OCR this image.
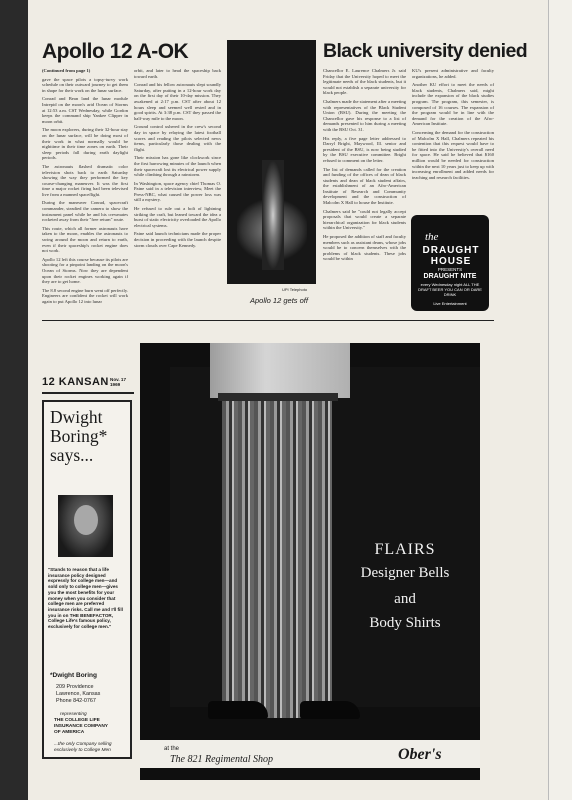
Apollo 12 A-OK

(Continued from page 1)

gave the space pilots a topsy-turvy work schedule on their outward journey to get them in shape for their work on the lunar surface.

Conrad and Bean land the lunar module Intrepid on the moon's arid Ocean of Storms at 12:53 a.m. CST Wednesday, while Gordon keeps the command ship Yankee Clipper in moon orbit.

The moon explorers, during their 32-hour stay on the lunar surface, will be doing most of their work in what normally would be nighttime in their time zones on earth. Their sleep periods fall during earth daylight periods.

The astronauts flashed dramatic color television shots back to earth Saturday showing the way they performed the key course-changing maneuver. It was the first time a major rocket firing had been televised live from a manned spaceflight.

During the maneuver Conrad, spacecraft commander, steadied the camera to show the instrument panel while he and his crewmates rocketed away from their "free return" route.

This route, which all former astronauts have taken to the moon, enables the astronauts to swing around the moon and return to earth, even if their spaceship's rocket engine does not work.

Apollo 12 left this course because its pilots are shooting for a pinpoint landing on the moon's Ocean of Storms. Now they are dependent upon their rocket engines working again if they are to get home.

The 8.8 second engine burn went off perfectly. Engineers are confident the rocket will work again to put Apollo 12 into lunar

orbit, and later to head the spaceship back toward earth.

Conrad and his fellow astronauts slept soundly Saturday, after putting in a 12-hour work day on the first day of their 10-day mission. They awakened at 2:17 p.m. CST after about 12 hours sleep and seemed well rested and in good spirits. At 3:38 p.m. CST they passed the half-way mile to the moon.

Ground control ushered in the crew's second day in space by relaying the latest football scores and reading the pilots selected news items, particularly those dealing with the flight.

Their mission has gone like clockwork since the first harrowing minutes of the launch when their spacecraft lost its electrical power supply while climbing through a rainstorm.

In Washington, space agency chief Thomas O. Paine said in a television interview, Meet the Press-NBC, what caused the power loss was still a mystery.

He refused to rule out a bolt of lightning striking the craft, but leaned toward the idea a burst of static electricity overloaded the Apollo electrical systems.

Paine said launch technicians made the proper decision in proceeding with the launch despite storm clouds over Cape Kennedy.

UPI Telephoto
Apollo 12 gets off
Black university denied

Chancellor E. Laurence Chalmers Jr. said Friday that the University hoped to meet the legitimate needs of the black students, but it would not establish a separate university for black people.

Chalmers made the statement after a meeting with representatives of the Black Student Union (BSU). During the meeting the Chancellor gave his response to a list of demands presented to him during a meeting with the BSU Oct. 31.

His reply, a five page letter addressed to Darryl Bright, Maywood, Ill. senior and president of the BSU, is now being studied by the BSU executive committee. Bright refused to comment on the letter.

The list of demands called for the creation and funding of the offices of dean of black students and dean of black student affairs, the establishment of an Afro-American Institute of Research and Community development and the construction of Malcolm X Hall to house the Institute.

Chalmers said he "could not legally accept proposals that would create a separate hierarchical organization for black students within the University."

He proposed the addition of staff and faculty members such as assistant deans, whose jobs would be to concern themselves with the problems of black students. These jobs would be within

KU's present administrative and faculty organizations, he added.

Another KU effort to meet the needs of black students, Chalmers said, might include the expansion of the black studies program. The program, this semester, is composed of 16 courses. The expansion of the program would be in line with the demand for the creation of the Afro-American Institute.

Concerning the demand for the construction of Malcolm X Hall, Chalmers repeated his contention that this request would have to be fitted into the University's overall need for space. He said he believed that $160 million would be needed for construction within the next 10 years just to keep up with increasing enrollment and added needs for teaching and research facilities.

the
DRAUGHT HOUSE
PRESENTS
DRAUGHT NITE
every Wednesday night ALL THE DRAFT BEER YOU CAN OR DARE DRINK
Live Entertainment
12 KANSAN Nov. 17
1969
Dwight
Boring*
says...
"Stands to reason that a life insurance policy designed expressly for college men—and sold only to college men—gives you the most benefits for your money when you consider that college men are preferred insurance risks. Call me and I'll fill you in on THE BENEFACTOR, College Life's famous policy, exclusively for college men."
*Dwight Boring
209 Providence
Lawrence, Kansas
Phone 842-0767
representing
THE COLLEGE LIFE
INSURANCE COMPANY
OF AMERICA
...the only Company selling
exclusively to College Men
FLAIRS
Designer Bells
and
Body Shirts
at the
The 821 Regimental Shop	Ober's
